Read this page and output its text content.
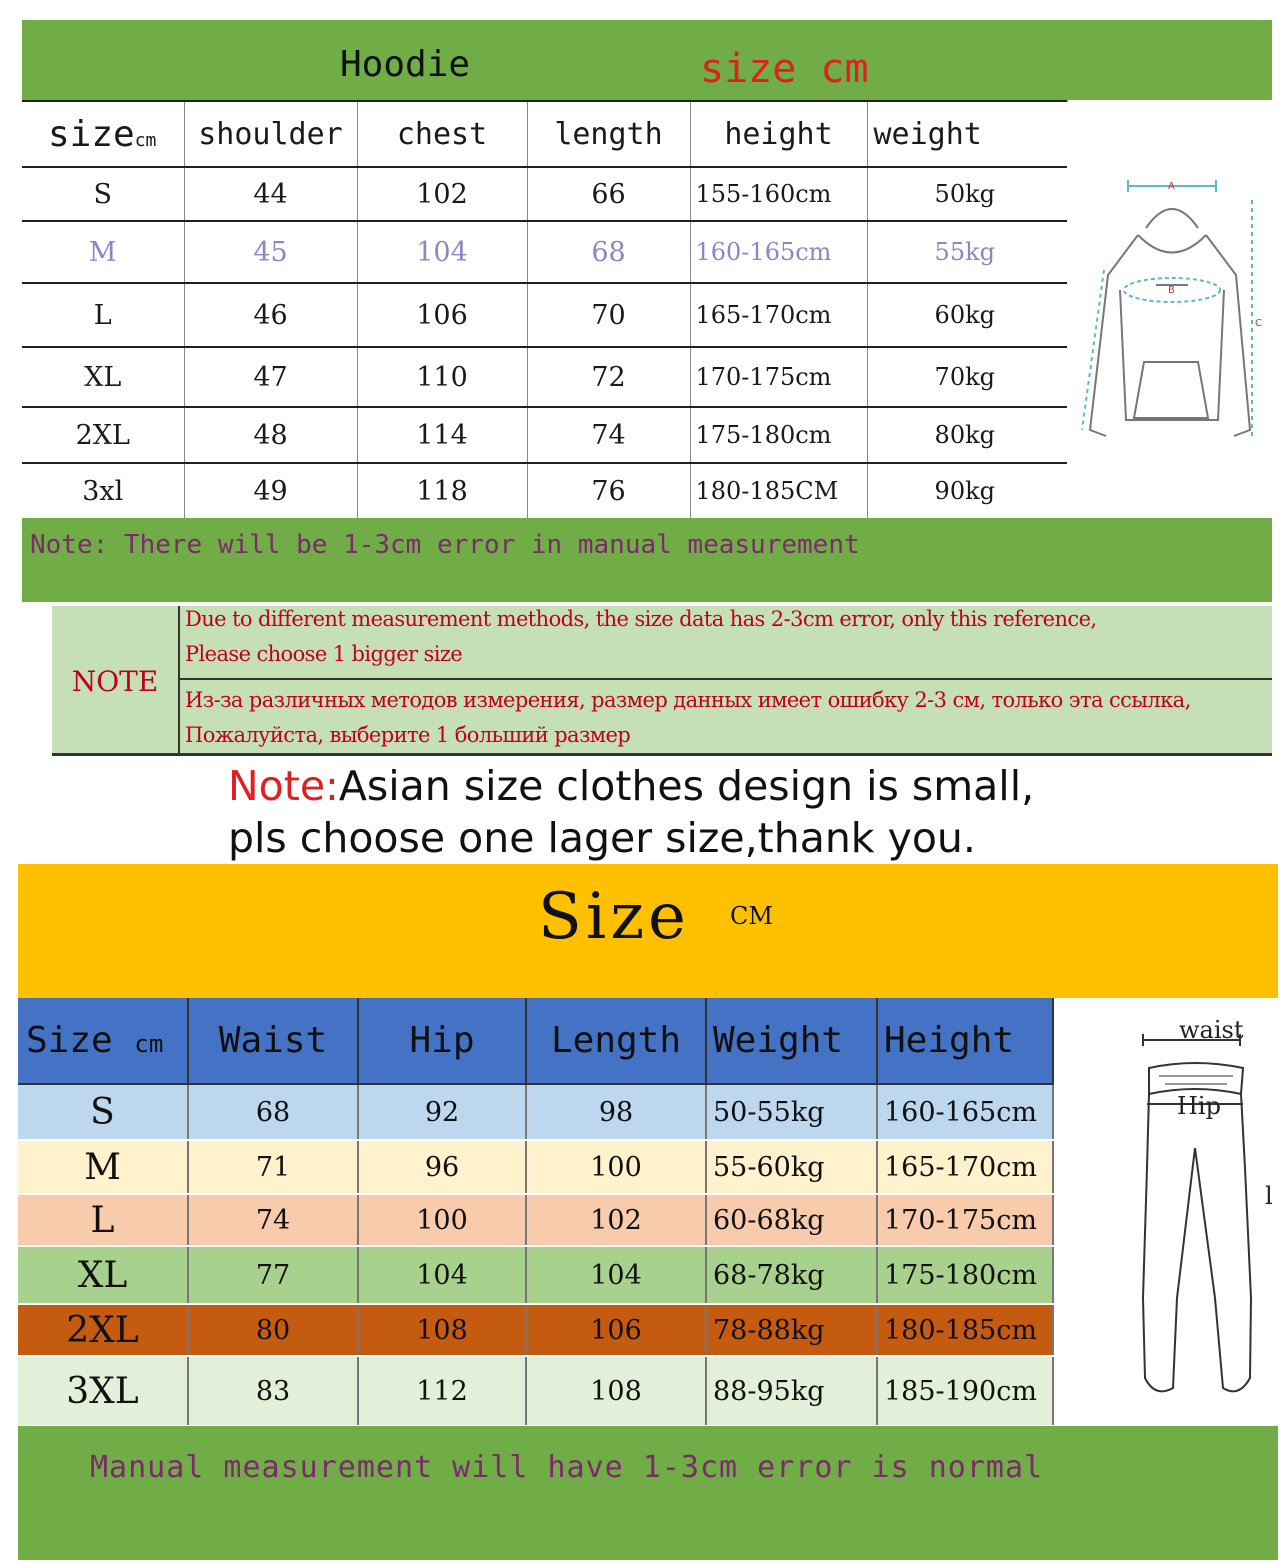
Hoodie	size cm
sizecm	shoulder	chest	length	height	weight
S	44	102	66	155-160cm	50kg
M	45	104	68	160-165cm	55kg
L	46	106	70	165-170cm	60kg
XL	47	110	72	170-175cm	70kg
2XL	48	114	74	175-180cm	80kg
3xl	49	118	76	180-185CM	90kg
A
B
C
Note: There will be 1-3cm error in manual measurement
NOTE
Due to different measurement methods, the size data has 2-3cm error, only this reference,
Please choose 1 bigger size
Из-за различных методов измерения, размер данных имеет ошибку 2-3 см, только эта ссылка,
Пожалуйста, выберите 1 больший размер
Note:Asian size clothes design is small,
pls choose one lager size,thank you.
Size CM
Size cm	Waist	Hip	Length	Weight	Height
S	68	92	98	50-55kg	160-165cm
M	71	96	100	55-60kg	165-170cm
L	74	100	102	60-68kg	170-175cm
XL	77	104	104	68-78kg	175-180cm
2XL	80	108	106	78-88kg	180-185cm
3XL	83	112	108	88-95kg	185-190cm
waist
Hip
l
Manual measurement will have 1-3cm error is normal
